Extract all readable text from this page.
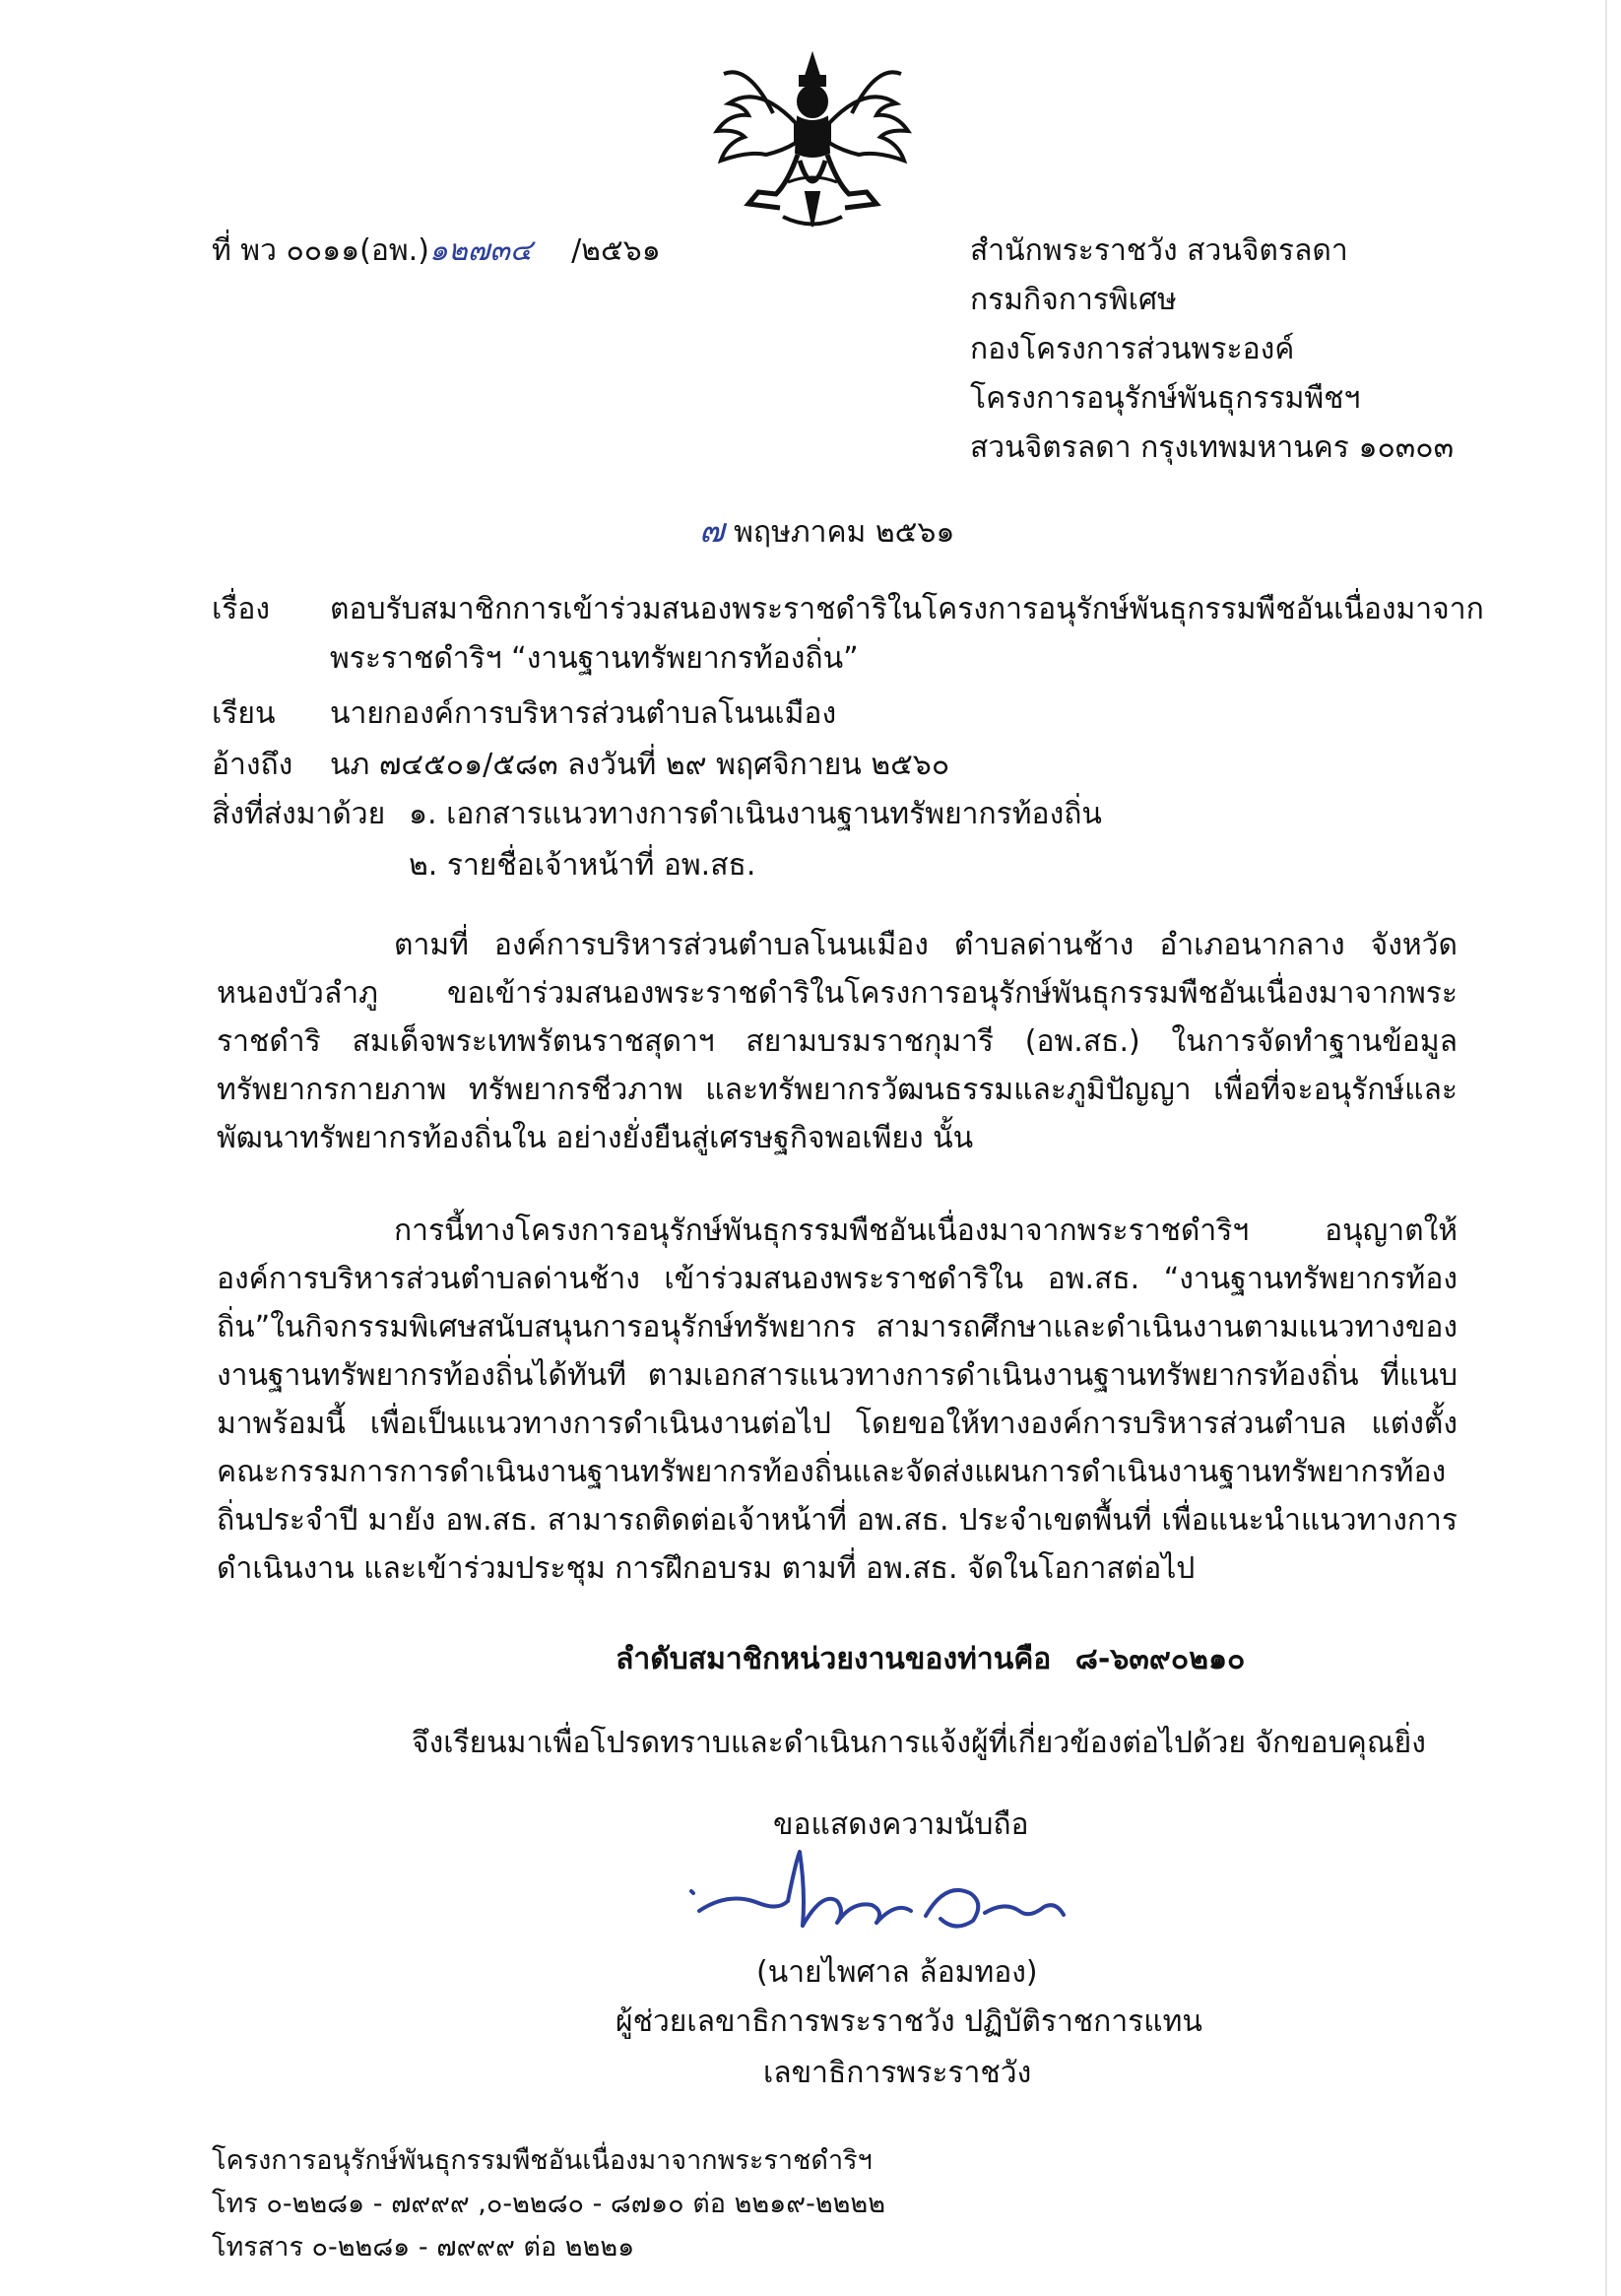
ที่ พว ๐๐๑๑(อพ.)๑๒๗๓๔ /๒๕๖๑	สำนักพระราชวัง สวนจิตรลดา
กรมกิจการพิเศษ
กองโครงการส่วนพระองค์
โครงการอนุรักษ์พันธุกรรมพืชฯ
สวนจิตรลดา กรุงเทพมหานคร ๑๐๓๐๓
๗ พฤษภาคม ๒๕๖๑
เรื่อง ตอบรับสมาชิกการเข้าร่วมสนองพระราชดำริในโครงการอนุรักษ์พันธุกรรมพืชอันเนื่องมาจาก
พระราชดำริฯ “งานฐานทรัพยากรท้องถิ่น”
เรียน นายกองค์การบริหารส่วนตำบลโนนเมือง
อ้างถึง นภ ๗๔๕๐๑/๕๘๓ ลงวันที่ ๒๙ พฤศจิกายน ๒๕๖๐
สิ่งที่ส่งมาด้วย ๑. เอกสารแนวทางการดำเนินงานฐานทรัพยากรท้องถิ่น
๒. รายชื่อเจ้าหน้าที่ อพ.สธ.
ตามที่ องค์การบริหารส่วนตำบลโนนเมือง ตำบลด่านช้าง อำเภอนากลาง จังหวัดหนองบัวลำภู ขอเข้าร่วมสนองพระราชดำริในโครงการอนุรักษ์พันธุกรรมพืชอันเนื่องมาจากพระราชดำริ สมเด็จพระเทพรัตนราชสุดาฯ สยามบรมราชกุมารี (อพ.สธ.) ในการจัดทำฐานข้อมูลทรัพยากรกายภาพ ทรัพยากรชีวภาพ และทรัพยากรวัฒนธรรมและภูมิปัญญา เพื่อที่จะอนุรักษ์และพัฒนาทรัพยากรท้องถิ่นใน อย่างยั่งยืนสู่เศรษฐกิจพอเพียง นั้น
การนี้ทางโครงการอนุรักษ์พันธุกรรมพืชอันเนื่องมาจากพระราชดำริฯ อนุญาตให้องค์การบริหารส่วนตำบลด่านช้าง เข้าร่วมสนองพระราชดำริใน อพ.สธ. “งานฐานทรัพยากรท้องถิ่น”ในกิจกรรมพิเศษสนับสนุนการอนุรักษ์ทรัพยากร สามารถศึกษาและดำเนินงานตามแนวทางของงานฐานทรัพยากรท้องถิ่นได้ทันที ตามเอกสารแนวทางการดำเนินงานฐานทรัพยากรท้องถิ่น ที่แนบมาพร้อมนี้ เพื่อเป็นแนวทางการดำเนินงานต่อไป โดยขอให้ทางองค์การบริหารส่วนตำบล แต่งตั้งคณะกรรมการการดำเนินงานฐานทรัพยากรท้องถิ่นและจัดส่งแผนการดำเนินงานฐานทรัพยากรท้องถิ่นประจำปี มายัง อพ.สธ. สามารถติดต่อเจ้าหน้าที่ อพ.สธ. ประจำเขตพื้นที่ เพื่อแนะนำแนวทางการดำเนินงาน และเข้าร่วมประชุม การฝึกอบรม ตามที่ อพ.สธ. จัดในโอกาสต่อไป
ลำดับสมาชิกหน่วยงานของท่านคือ ๘-๖๓๙๐๒๑๐
จึงเรียนมาเพื่อโปรดทราบและดำเนินการแจ้งผู้ที่เกี่ยวข้องต่อไปด้วย จักขอบคุณยิ่ง
ขอแสดงความนับถือ
(นายไพศาล ล้อมทอง)
ผู้ช่วยเลขาธิการพระราชวัง ปฏิบัติราชการแทน
เลขาธิการพระราชวัง
โครงการอนุรักษ์พันธุกรรมพืชอันเนื่องมาจากพระราชดำริฯ
โทร ๐-๒๒๘๑ - ๗๙๙๙ ,๐-๒๒๘๐ - ๘๗๑๐ ต่อ ๒๒๑๙-๒๒๒๒
โทรสาร ๐-๒๒๘๑ - ๗๙๙๙ ต่อ ๒๒๒๑
